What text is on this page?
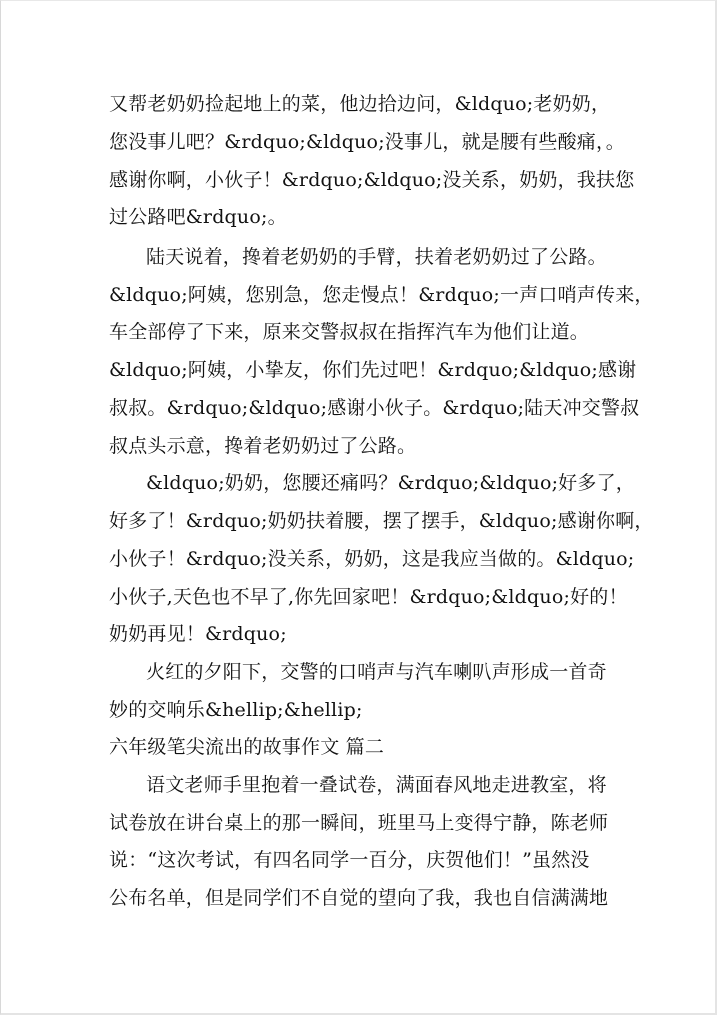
又帮老奶奶捡起地上的菜，他边拾边问，&ldquo;老奶奶，
您没事儿吧？&rdquo;&ldquo;没事儿，就是腰有些酸痛，。
感谢你啊，小伙子！&rdquo;&ldquo;没关系，奶奶，我扶您
过公路吧&rdquo;。
陆天说着，搀着老奶奶的手臂，扶着老奶奶过了公路。
&ldquo;阿姨，您别急，您走慢点！&rdquo;一声口哨声传来，
车全部停了下来，原来交警叔叔在指挥汽车为他们让道。
&ldquo;阿姨，小挚友，你们先过吧！&rdquo;&ldquo;感谢
叔叔。&rdquo;&ldquo;感谢小伙子。&rdquo;陆天冲交警叔
叔点头示意，搀着老奶奶过了公路。
&ldquo;奶奶，您腰还痛吗？&rdquo;&ldquo;好多了，
好多了！&rdquo;奶奶扶着腰，摆了摆手，&ldquo;感谢你啊，
小伙子！&rdquo;没关系，奶奶，这是我应当做的。&ldquo;
小伙子,天色也不早了,你先回家吧！&rdquo;&ldquo;好的！
奶奶再见！&rdquo;
火红的夕阳下，交警的口哨声与汽车喇叭声形成一首奇
妙的交响乐&hellip;&hellip;
六年级笔尖流出的故事作文 篇二
语文老师手里抱着一叠试卷，满面春风地走进教室，将
试卷放在讲台桌上的那一瞬间，班里马上变得宁静，陈老师
说：“这次考试，有四名同学一百分，庆贺他们！”虽然没
公布名单，但是同学们不自觉的望向了我，我也自信满满地
